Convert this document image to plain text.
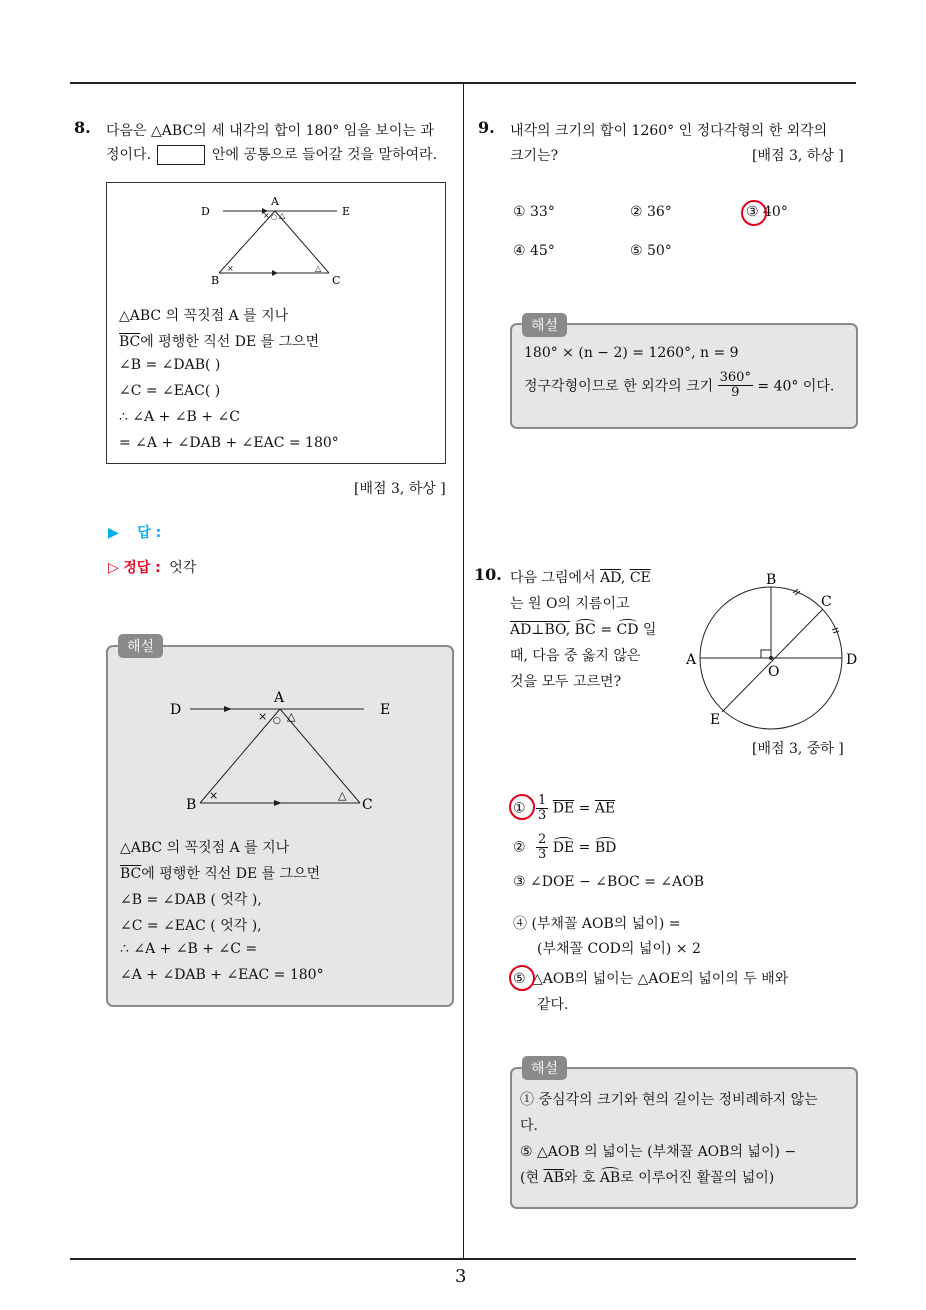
3
8. 다음은 △ABC의 세 내각의 합이 180° 임을 보이는 과
정이다.	안에 공통으로 들어갈 것을 말하여라.
× ○ △
×	△
D
A
E
B	C
△ABC 의 꼭짓점 A 를 지나
$\overline{BC}$에 평행한 직선 DE 를 그으면
∠B = ∠DAB( )
∠C = ∠EAC( )
∴ ∠A + ∠B + ∠C
= ∠A + ∠DAB + ∠EAC = 180°
[배점 3, 하상 ]
▶ 답 :
▷ 정답 : 엇각
× ○ △
×	△
D
A
E
B	C
△ABC 의 꼭짓점 A 를 지나
$\overline{BC}$에 평행한 직선 DE 를 그으면
∠B = ∠DAB ( 엇각 ),
∠C = ∠EAC ( 엇각 ),
∴ ∠A + ∠B + ∠C =
∠A + ∠DAB + ∠EAC = 180°
해설
9. 내각의 크기의 합이 1260° 인 정다각형의 한 외각의
크기는?	[배점 3, 하상 ]
① 33°	② 36°	③ 40°
④ 45°	⑤ 50°
180° × (n − 2) = 1260°, n = 9
정구각형이므로 한 외각의 크기 $\frac{360^\circ}{9} = 40^\circ$ 이다.
해설
10. 다음 그림에서 $\overline{AD}$, $\overline{CE}$
는 원 O의 지름이고
AD⊥BO, BC = CD 일
때, 다음 중 옳지 않은
것을 모두 고르면?
B
C
A	D
O
E
[배점 3, 중하 ]
① $\frac{1}{3} \overline{DE} = \overline{AE}$
② $\frac{2}{3}$ DE = BD
③ ∠DOE − ∠BOC = ∠AOB
④ (부채꼴 AOB의 넓이) =
(부채꼴 COD의 넓이) × 2
⑤ △AOB의 넓이는 △AOE의 넓이의 두 배와
같다.
① 중심각의 크기와 현의 길이는 정비례하지 않는
다.
⑤ △AOB 의 넓이는 (부채꼴 AOB의 넓이) −
(현 $\overline{AB}$와 호 AB로 이루어진 활꼴의 넓이)
해설
